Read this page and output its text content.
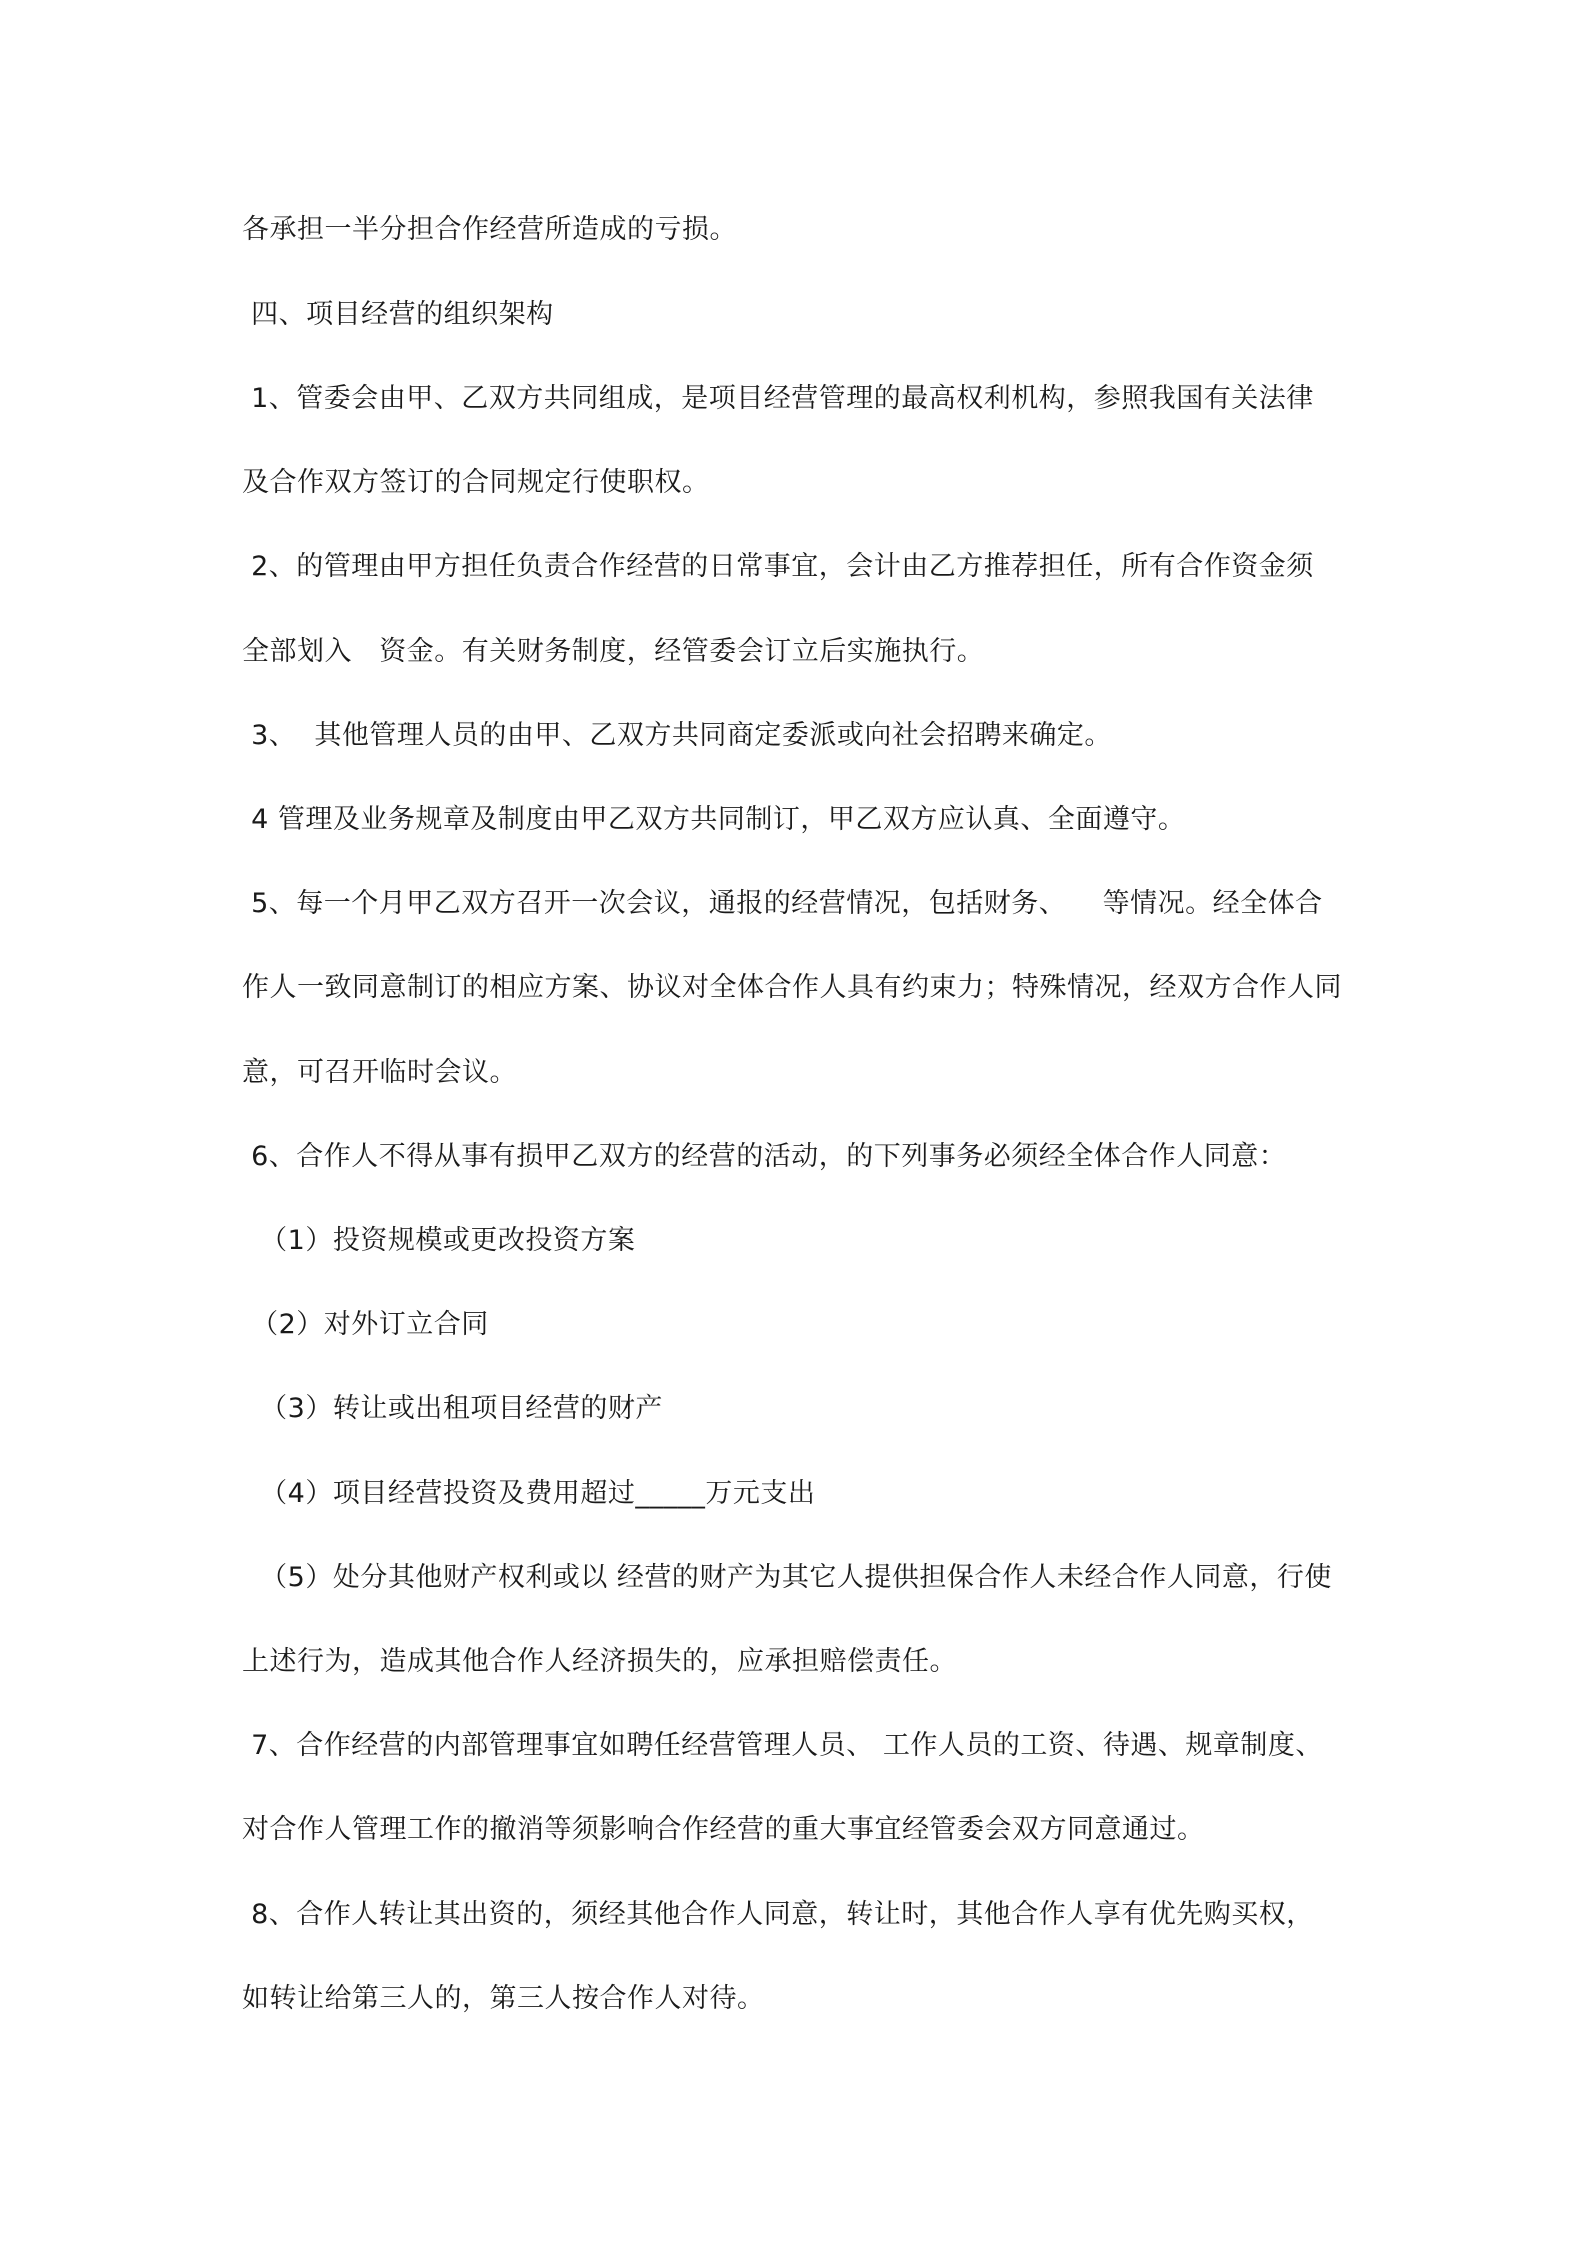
各承担一半分担合作经营所造成的亏损。
四、项目经营的组织架构
1、管委会由甲、乙双方共同组成，是项目经营管理的最高权利机构，参照我国有关法律
及合作双方签订的合同规定行使职权。
2、的管理由甲方担任负责合作经营的日常事宜，会计由乙方推荐担任，所有合作资金须
全部划入   资金。有关财务制度，经管委会订立后实施执行。
3、  其他管理人员的由甲、乙双方共同商定委派或向社会招聘来确定。
4 管理及业务规章及制度由甲乙双方共同制订，甲乙双方应认真、全面遵守。
5、每一个月甲乙双方召开一次会议，通报的经营情况，包括财务、    等情况。经全体合
作人一致同意制订的相应方案、协议对全体合作人具有约束力；特殊情况，经双方合作人同
意，可召开临时会议。
6、合作人不得从事有损甲乙双方的经营的活动，的下列事务必须经全体合作人同意：
（1）投资规模或更改投资方案
（2）对外订立合同
（3）转让或出租项目经营的财产
（4）项目经营投资及费用超过_____万元支出
（5）处分其他财产权利或以 经营的财产为其它人提供担保合作人未经合作人同意，行使
上述行为，造成其他合作人经济损失的，应承担赔偿责任。
7、合作经营的内部管理事宜如聘任经营管理人员、 工作人员的工资、待遇、规章制度、
对合作人管理工作的撤消等须影响合作经营的重大事宜经管委会双方同意通过。
8、合作人转让其出资的，须经其他合作人同意，转让时，其他合作人享有优先购买权，
如转让给第三人的，第三人按合作人对待。
